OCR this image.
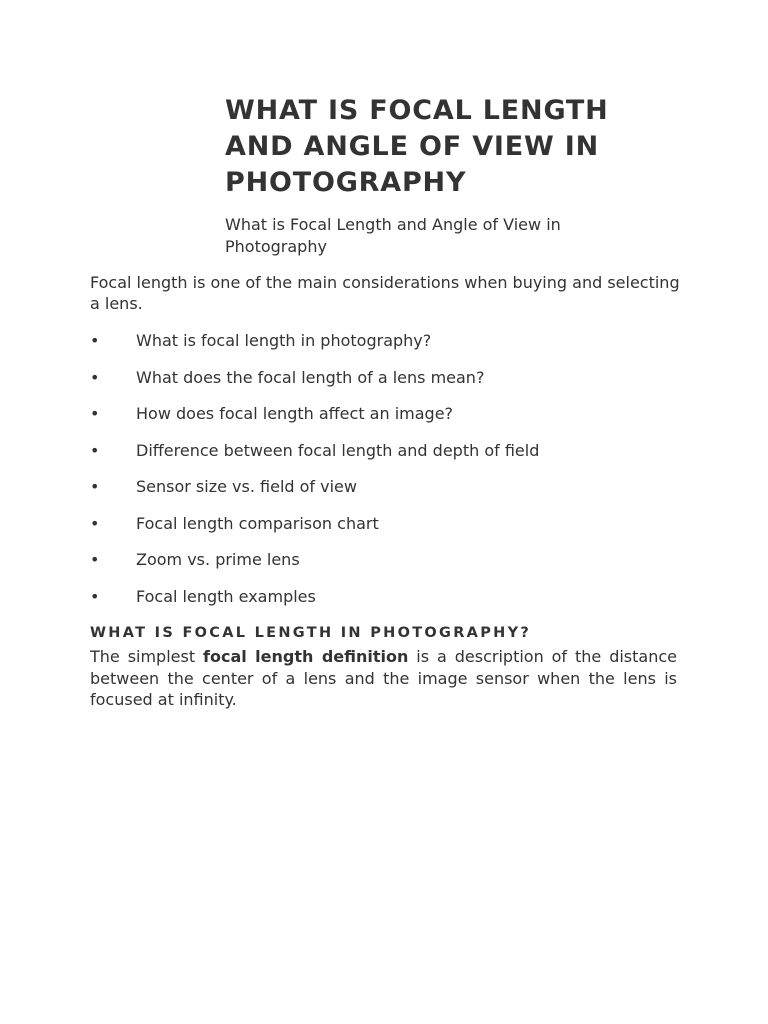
WHAT IS FOCAL LENGTH AND ANGLE OF VIEW IN PHOTOGRAPHY

What is Focal Length and Angle of View in Photography

Focal length is one of the main considerations when buying and selecting a lens.

•	What is focal length in photography?
•	What does the focal length of a lens mean?
•	How does focal length affect an image?
•	Difference between focal length and depth of field
•	Sensor size vs. field of view
•	Focal length comparison chart
•	Zoom vs. prime lens
•	Focal length examples
WHAT IS FOCAL LENGTH IN PHOTOGRAPHY?

The simplest focal length definition is a description of the distance between the center of a lens and the image sensor when the lens is focused at infinity.
